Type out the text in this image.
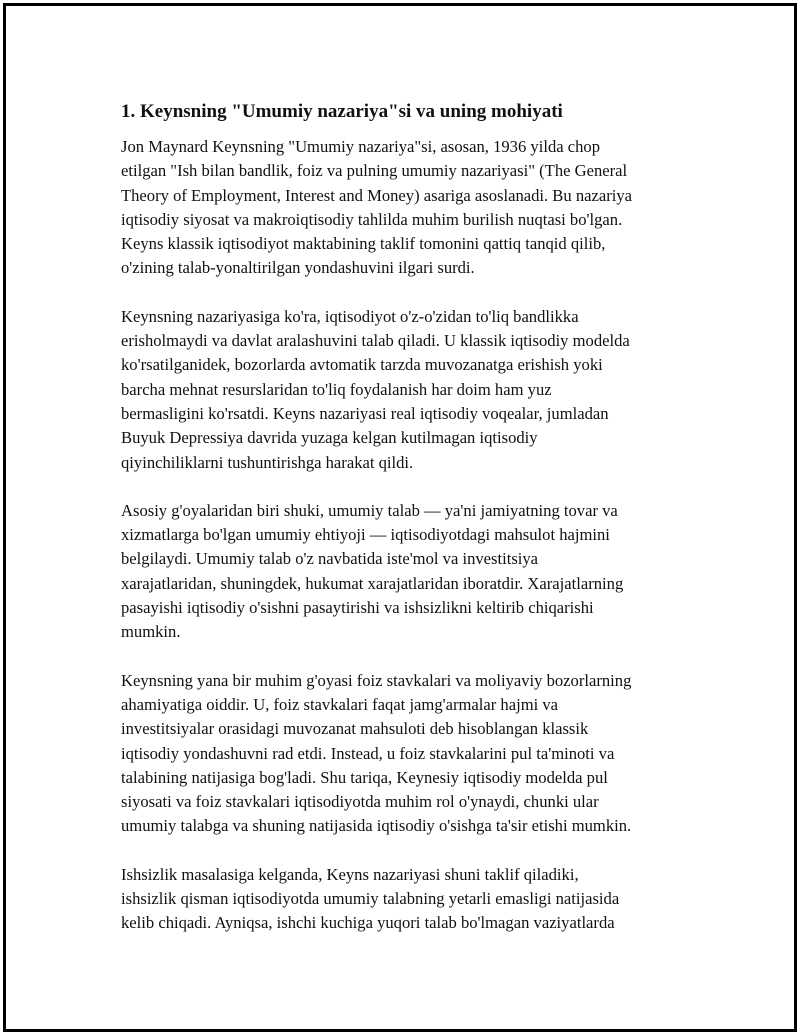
1. Keynsning "Umumiy nazariya"si va uning mohiyati

Jon Maynard Keynsning "Umumiy nazariya"si, asosan, 1936 yilda chop
etilgan "Ish bilan bandlik, foiz va pulning umumiy nazariyasi" (The General
Theory of Employment, Interest and Money) asariga asoslanadi. Bu nazariya
iqtisodiy siyosat va makroiqtisodiy tahlilda muhim burilish nuqtasi bo'lgan.
Keyns klassik iqtisodiyot maktabining taklif tomonini qattiq tanqid qilib,
o'zining talab-yonaltirilgan yondashuvini ilgari surdi.

Keynsning nazariyasiga ko'ra, iqtisodiyot o'z-o'zidan to'liq bandlikka
erisholmaydi va davlat aralashuvini talab qiladi. U klassik iqtisodiy modelda
ko'rsatilganidek, bozorlarda avtomatik tarzda muvozanatga erishish yoki
barcha mehnat resurslaridan to'liq foydalanish har doim ham yuz
bermasligini ko'rsatdi. Keyns nazariyasi real iqtisodiy voqealar, jumladan
Buyuk Depressiya davrida yuzaga kelgan kutilmagan iqtisodiy
qiyinchiliklarni tushuntirishga harakat qildi.

Asosiy g'oyalaridan biri shuki, umumiy talab — ya'ni jamiyatning tovar va
xizmatlarga bo'lgan umumiy ehtiyoji — iqtisodiyotdagi mahsulot hajmini
belgilaydi. Umumiy talab o'z navbatida iste'mol va investitsiya
xarajatlaridan, shuningdek, hukumat xarajatlaridan iboratdir. Xarajatlarning
pasayishi iqtisodiy o'sishni pasaytirishi va ishsizlikni keltirib chiqarishi
mumkin.

Keynsning yana bir muhim g'oyasi foiz stavkalari va moliyaviy bozorlarning
ahamiyatiga oiddir. U, foiz stavkalari faqat jamg'armalar hajmi va
investitsiyalar orasidagi muvozanat mahsuloti deb hisoblangan klassik
iqtisodiy yondashuvni rad etdi. Instead, u foiz stavkalarini pul ta'minoti va
talabining natijasiga bog'ladi. Shu tariqa, Keynesiy iqtisodiy modelda pul
siyosati va foiz stavkalari iqtisodiyotda muhim rol o'ynaydi, chunki ular
umumiy talabga va shuning natijasida iqtisodiy o'sishga ta'sir etishi mumkin.

Ishsizlik masalasiga kelganda, Keyns nazariyasi shuni taklif qiladiki,
ishsizlik qisman iqtisodiyotda umumiy talabning yetarli emasligi natijasida
kelib chiqadi. Ayniqsa, ishchi kuchiga yuqori talab bo'lmagan vaziyatlarda
